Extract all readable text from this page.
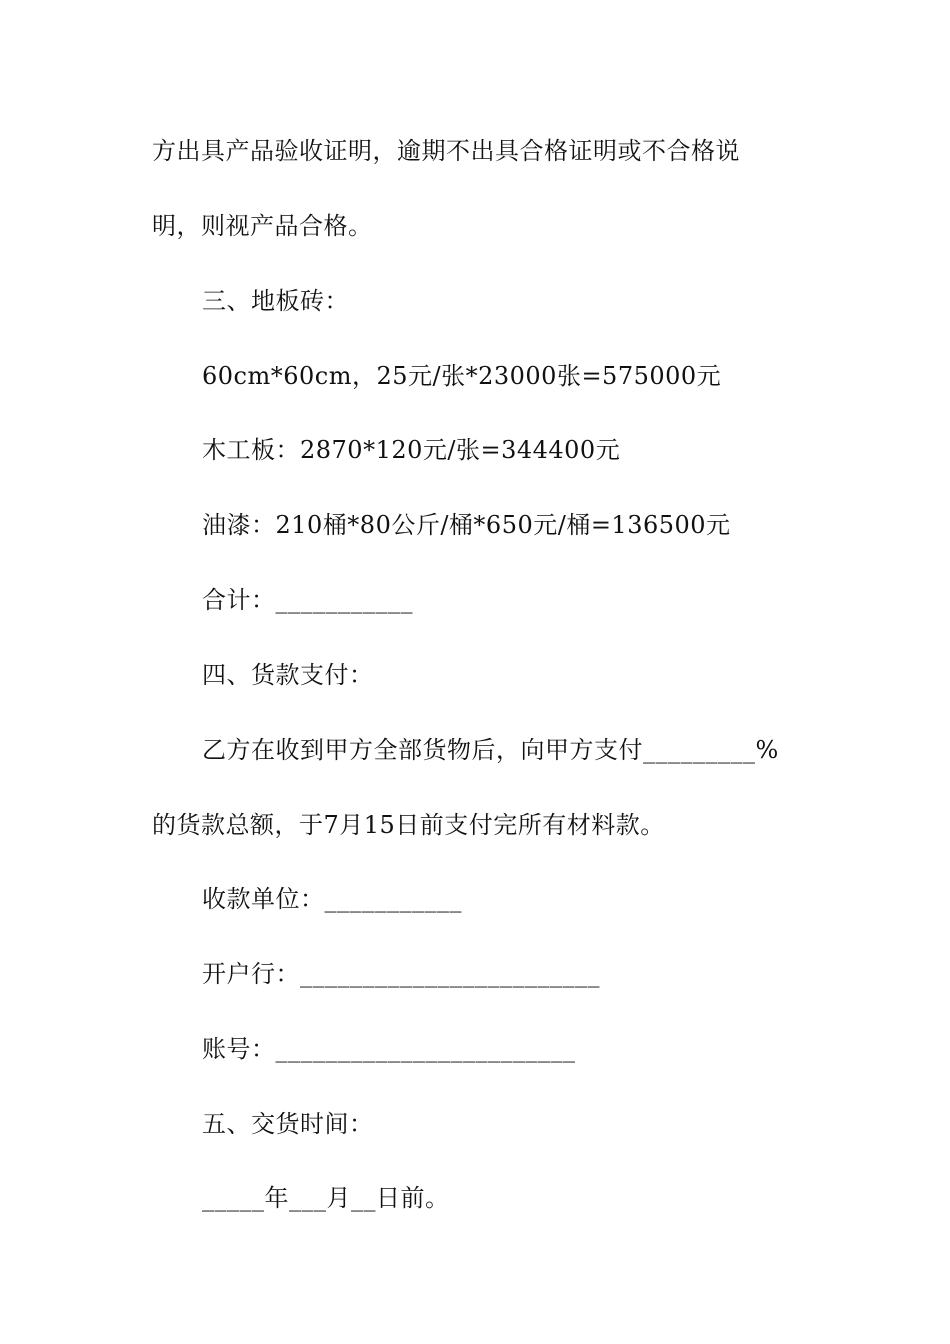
方出具产品验收证明，逾期不出具合格证明或不合格说
明，则视产品合格。
三、地板砖：
60cm*60cm，25元/张*23000张=575000元
木工板：2870*120元/张=344400元
油漆：210桶*80公斤/桶*650元/桶=136500元
合计：___________
四、货款支付：
乙方在收到甲方全部货物后，向甲方支付_________%
的货款总额，于7月15日前支付完所有材料款。
收款单位：___________
开户行：________________________
账号：________________________
五、交货时间：
_____年___月__日前。
